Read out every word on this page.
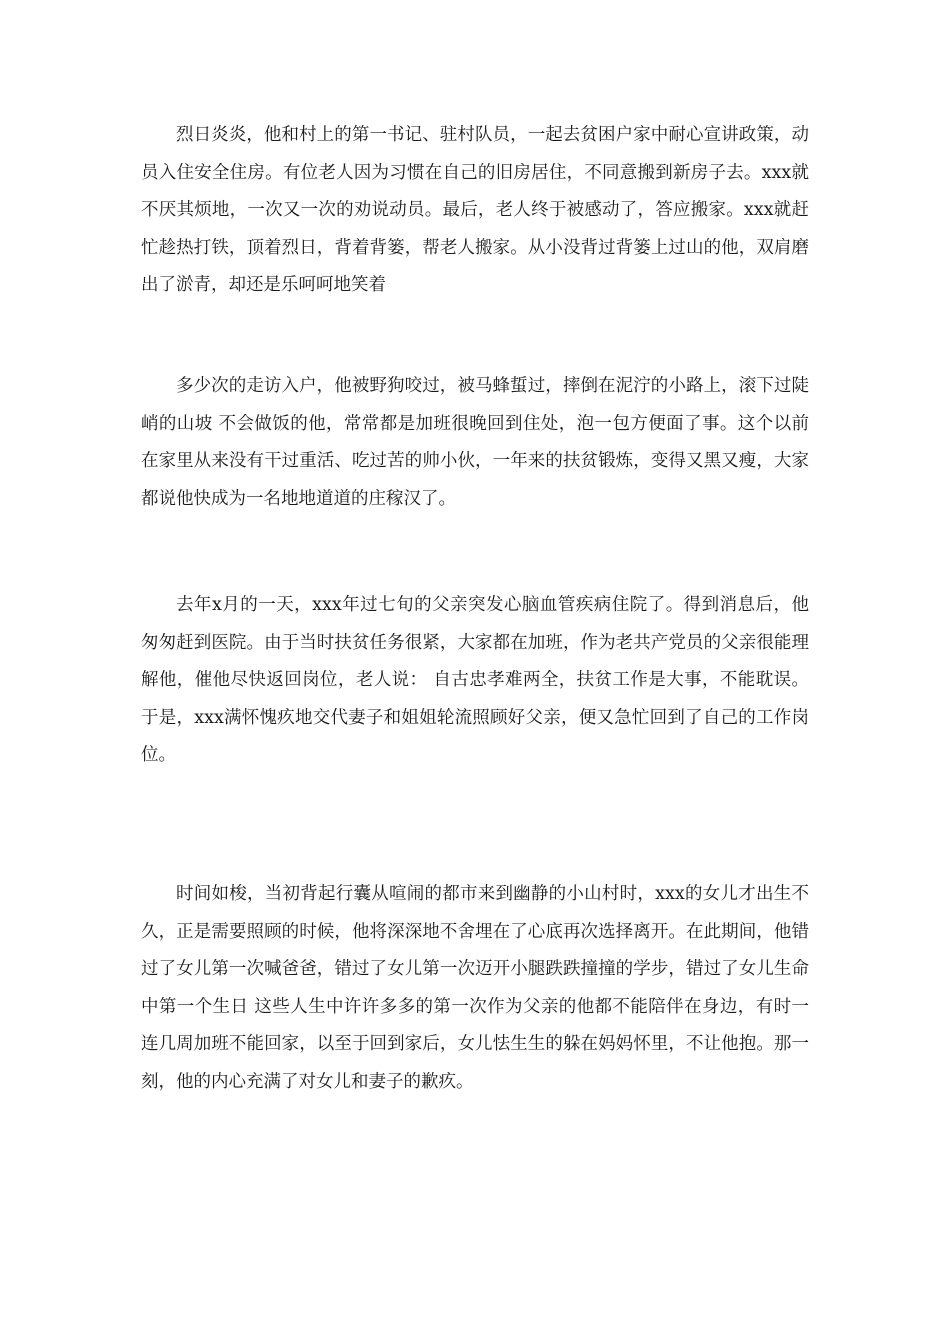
烈日炎炎，他和村上的第一书记、驻村队员，一起去贫困户家中耐心宣讲政策，动员入住安全住房。有位老人因为习惯在自己的旧房居住，不同意搬到新房子去。xxx就不厌其烦地，一次又一次的劝说动员。最后，老人终于被感动了，答应搬家。xxx就赶忙趁热打铁，顶着烈日，背着背篓，帮老人搬家。从小没背过背篓上过山的他，双肩磨出了淤青，却还是乐呵呵地笑着

多少次的走访入户，他被野狗咬过，被马蜂蜇过，摔倒在泥泞的小路上，滚下过陡峭的山坡 不会做饭的他，常常都是加班很晚回到住处，泡一包方便面了事。这个以前在家里从来没有干过重活、吃过苦的帅小伙，一年来的扶贫锻炼，变得又黑又瘦，大家都说他快成为一名地地道道的庄稼汉了。

去年x月的一天，xxx年过七旬的父亲突发心脑血管疾病住院了。得到消息后，他匆匆赶到医院。由于当时扶贫任务很紧，大家都在加班，作为老共产党员的父亲很能理解他，催他尽快返回岗位，老人说： 自古忠孝难两全，扶贫工作是大事，不能耽误。 于是，xxx满怀愧疚地交代妻子和姐姐轮流照顾好父亲，便又急忙回到了自己的工作岗位。

时间如梭，当初背起行囊从喧闹的都市来到幽静的小山村时，xxx的女儿才出生不久，正是需要照顾的时候，他将深深地不舍埋在了心底再次选择离开。在此期间，他错过了女儿第一次喊爸爸，错过了女儿第一次迈开小腿跌跌撞撞的学步，错过了女儿生命中第一个生日 这些人生中许许多多的第一次作为父亲的他都不能陪伴在身边，有时一连几周加班不能回家，以至于回到家后，女儿怯生生的躲在妈妈怀里，不让他抱。那一刻，他的内心充满了对女儿和妻子的歉疚。
